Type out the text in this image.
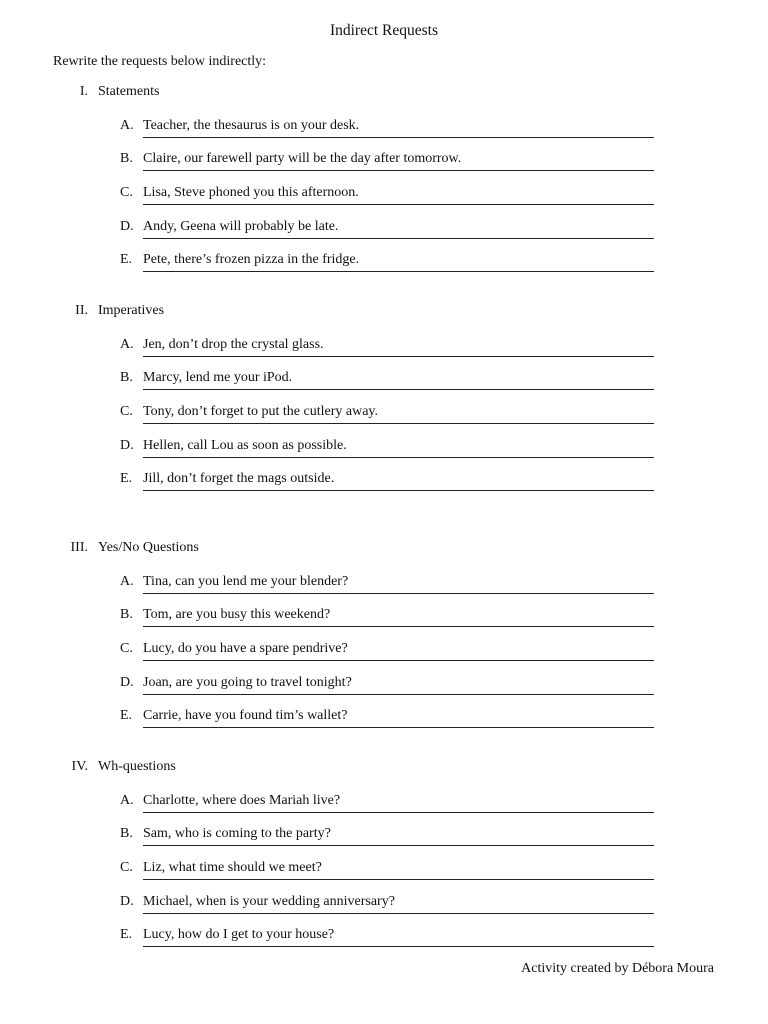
Indirect Requests
Rewrite the requests below indirectly:
I. Statements
A. Teacher, the thesaurus is on your desk.
B. Claire, our farewell party will be the day after tomorrow.
C. Lisa, Steve phoned you this afternoon.
D. Andy, Geena will probably be late.
E. Pete, there’s frozen pizza in the fridge.
II. Imperatives
A. Jen, don’t drop the crystal glass.
B. Marcy, lend me your iPod.
C. Tony, don’t forget to put the cutlery away.
D. Hellen, call Lou as soon as possible.
E. Jill, don’t forget the mags outside.
III. Yes/No Questions
A. Tina, can you lend me your blender?
B. Tom, are you busy this weekend?
C. Lucy, do you have a spare pendrive?
D. Joan, are you going to travel tonight?
E. Carrie, have you found tim’s wallet?
IV. Wh-questions
A. Charlotte, where does Mariah live?
B. Sam, who is coming to the party?
C. Liz, what time should we meet?
D. Michael, when is your wedding anniversary?
E. Lucy, how do I get to your house?
Activity created by Débora Moura
